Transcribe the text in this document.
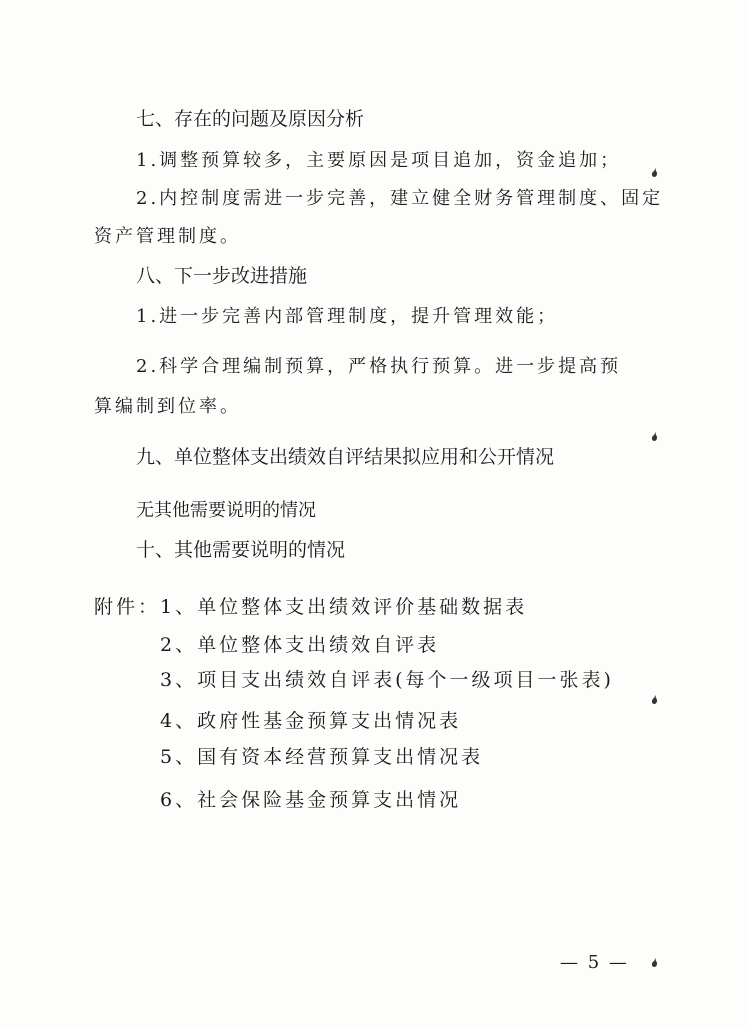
七、存在的问题及原因分析

1.调整预算较多，主要原因是项目追加，资金追加；

2.内控制度需进一步完善，建立健全财务管理制度、固定

资产管理制度。

八、下一步改进措施

1.进一步完善内部管理制度，提升管理效能；

2.科学合理编制预算，严格执行预算。进一步提高预

算编制到位率。

九、单位整体支出绩效自评结果拟应用和公开情况

无其他需要说明的情况

十、其他需要说明的情况

附件： 1、单位整体支出绩效评价基础数据表

2、单位整体支出绩效自评表

3、项目支出绩效自评表(每个一级项目一张表)

4、政府性基金预算支出情况表

5、国有资本经营预算支出情况表

6、社会保险基金预算支出情况

— 5 —
